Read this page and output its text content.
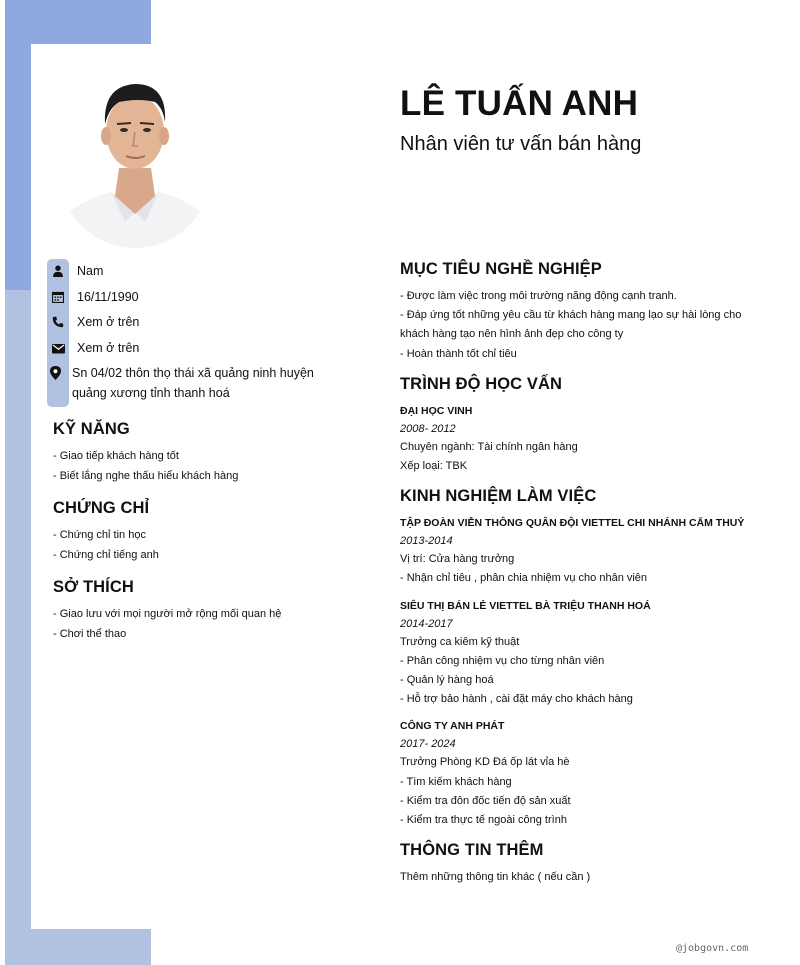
LÊ TUẤN ANH
Nhân viên tư vấn bán hàng
Nam
16/11/1990
Xem ở trên
Xem ở trên
Sn 04/02 thôn thọ thái xã quảng ninh huyện quảng xương tỉnh thanh hoá
KỸ NĂNG
- Giao tiếp khách hàng tốt
- Biết lắng nghe thấu hiểu khách hàng
CHỨNG CHỈ
- Chứng chỉ tin học
- Chứng chỉ tiếng anh
SỞ THÍCH
- Giao lưu với mọi người mở rộng mối quan hệ
- Chơi thể thao
MỤC TIÊU NGHỀ NGHIỆP
- Được làm việc trong môi trường năng động cạnh tranh.
- Đáp ứng tốt những yêu cầu từ khách hàng mang lạo sự hài lòng cho khách hàng tạo nên hình ảnh đẹp cho công ty
- Hoàn thành tốt chỉ tiêu
TRÌNH ĐỘ HỌC VẤN
ĐẠI HỌC VINH
2008- 2012
Chuyên ngành: Tài chính ngân hàng
Xếp loại: TBK
KINH NGHIỆM LÀM VIỆC
TẬP ĐOÀN VIỄN THÔNG QUÂN ĐỘI VIETTEL CHI NHÁNH CẨM THUỶ
2013-2014
Vị trí: Cửa hàng trưởng
- Nhận chỉ tiêu , phân chia nhiệm vụ cho nhân viên
SIÊU THỊ BÁN LẺ VIETTEL BÀ TRIỆU THANH HOÁ
2014-2017
Trưởng ca kiêm kỹ thuật
- Phân công nhiệm vụ cho từng nhân viên
- Quản lý hàng hoá
- Hỗ trợ bảo hành , cài đặt máy cho khách hàng
CÔNG TY ANH PHÁT
2017- 2024
Trưởng Phòng KD Đá ốp lát vỉa hè
- Tìm kiếm khách hàng
- Kiểm tra đôn đốc tiến độ sản xuất
- Kiểm tra thực tế ngoài công trình
THÔNG TIN THÊM
Thêm những thông tin khác ( nếu cần )
@jobgovn.com
